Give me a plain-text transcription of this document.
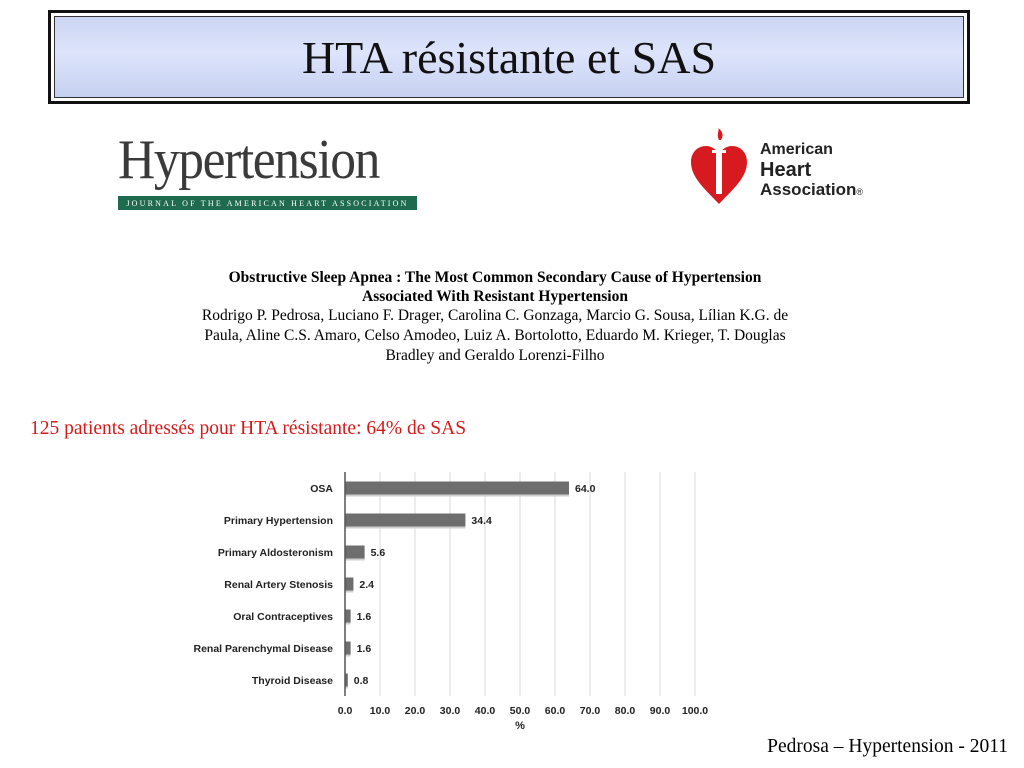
HTA résistante et SAS
Hypertension
JOURNAL OF THE AMERICAN HEART ASSOCIATION
American
Heart
Association®
Obstructive Sleep Apnea : The Most Common Secondary Cause of Hypertension
Associated With Resistant Hypertension
Rodrigo P. Pedrosa, Luciano F. Drager, Carolina C. Gonzaga, Marcio G. Sousa, Lílian K.G. de
Paula, Aline C.S. Amaro, Celso Amodeo, Luiz A. Bortolotto, Eduardo M. Krieger, T. Douglas
Bradley and Geraldo Lorenzi-Filho
125 patients adressés pour HTA résistante: 64% de SAS
OSA	64.0
Primary Hypertension	34.4
Primary Aldosteronism	5.6
Renal Artery Stenosis	2.4
Oral Contraceptives 1.6
Renal Parenchymal Disease 1.6
Thyroid Disease 0.8
0.0 10.0 20.0 30.0 40.0 50.0 60.0 70.0 80.0 90.0 100.0
%
Pedrosa – Hypertension - 2011
